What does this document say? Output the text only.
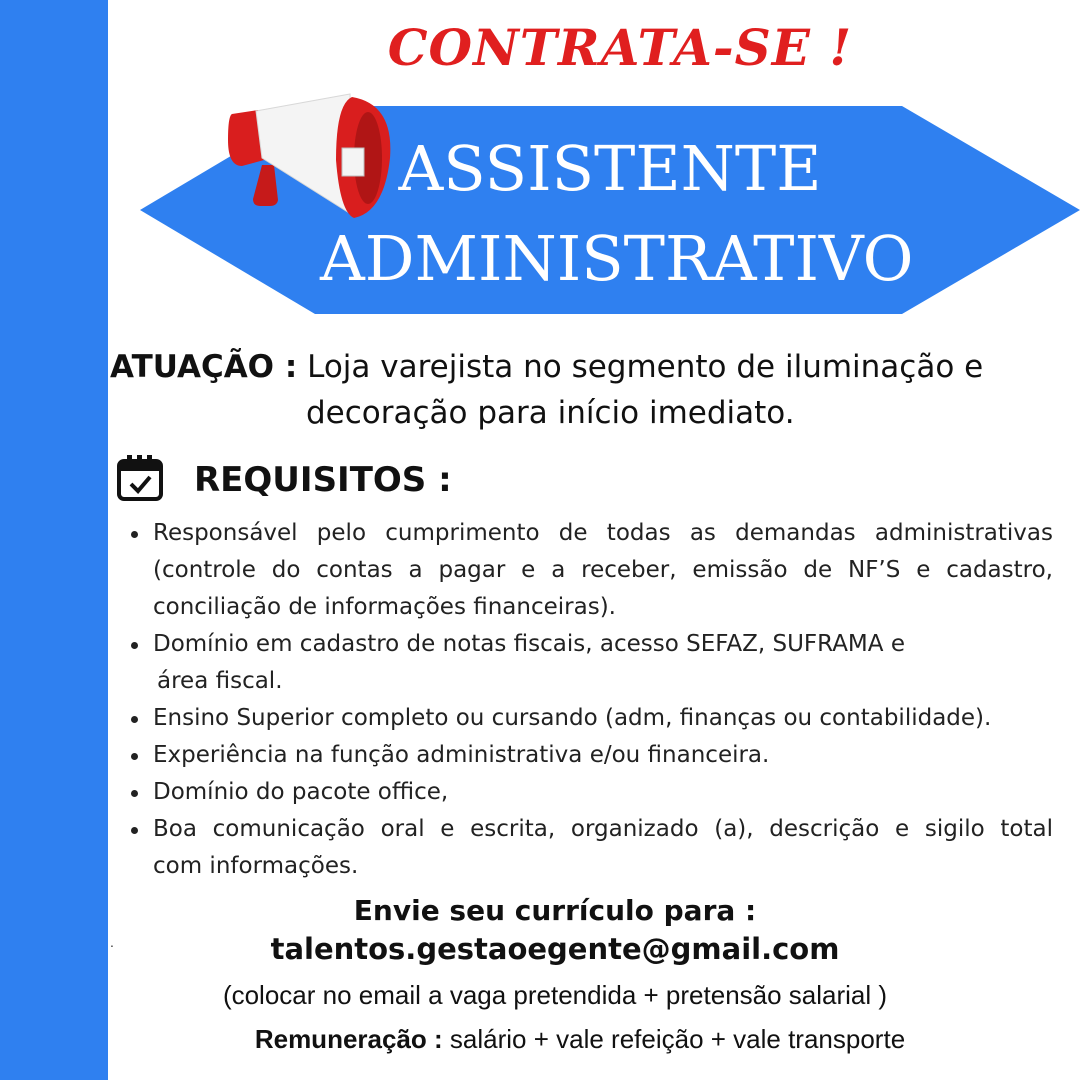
CONTRATA-SE !
ASSISTENTE
ADMINISTRATIVO
ATUAÇÃO : Loja varejista no segmento de iluminação e
decoração para início imediato.
REQUISITOS :
Responsável pelo cumprimento de todas as demandas administrativas
(controle do contas a pagar e a receber, emissão de NF’S e cadastro,
conciliação de informações financeiras).
Domínio em cadastro de notas fiscais, acesso SEFAZ, SUFRAMA e
área fiscal.
Ensino Superior completo ou cursando (adm, finanças ou contabilidade).
Experiência na função administrativa e/ou financeira.
Domínio do pacote office,
Boa comunicação oral e escrita, organizado (a), descrição e sigilo total
com informações.
.
Envie seu currículo para :
talentos.gestaoegente@gmail.com
(colocar no email a vaga pretendida + pretensão salarial )
Remuneração : salário + vale refeição + vale transporte
